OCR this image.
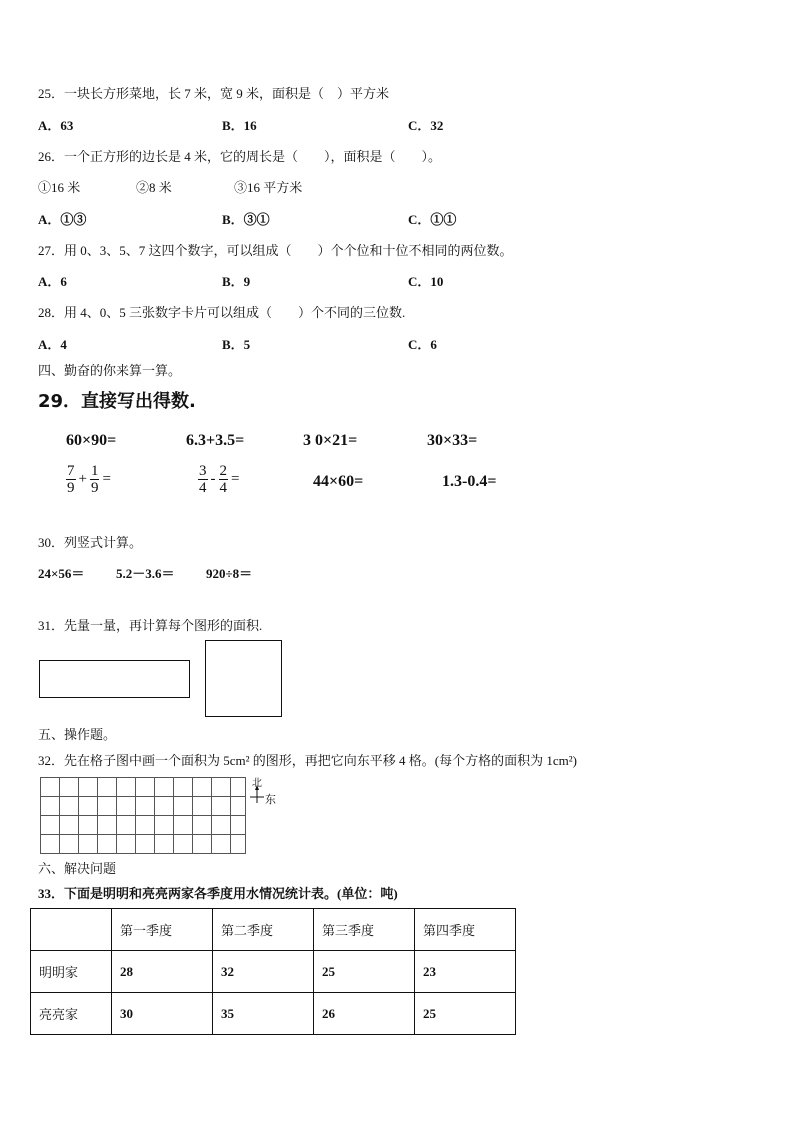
25．一块长方形菜地，长 7 米，宽 9 米，面积是（　）平方米
A．63	B．16	C．32
26．一个正方形的边长是 4 米，它的周长是（　　），面积是（　　）。
①16 米	②8 米	③16 平方米
A．①③	B．③①	C．①①
27．用 0、3、5、7 这四个数字，可以组成（　　）个个位和十位不相同的两位数。
A．6	B．9	C．10
28．用 4、0、5 三张数字卡片可以组成（　　）个不同的三位数.
A．4	B．5	C．6
四、勤奋的你来算一算。
29．直接写出得数.
60×90=	6.3+3.5=	3 0×21=	30×33=
$\frac{7}{9} + \frac{1}{9}$ =	$\frac{3}{4} - \frac{2}{4}$ =	44×60=	1.3-0.4=
30．列竖式计算。
24×56＝ 5.2－3.6＝ 920÷8＝
31．先量一量，再计算每个图形的面积.
五、操作题。
32．先在格子图中画一个面积为 5cm² 的图形，再把它向东平移 4 格。(每个方格的面积为 1cm²)
北
东
六、解决问题
33．下面是明明和亮亮两家各季度用水情况统计表。(单位：吨)
	第一季度	第二季度	第三季度	第四季度
明明家	28	32	25	23
亮亮家	30	35	26	25
